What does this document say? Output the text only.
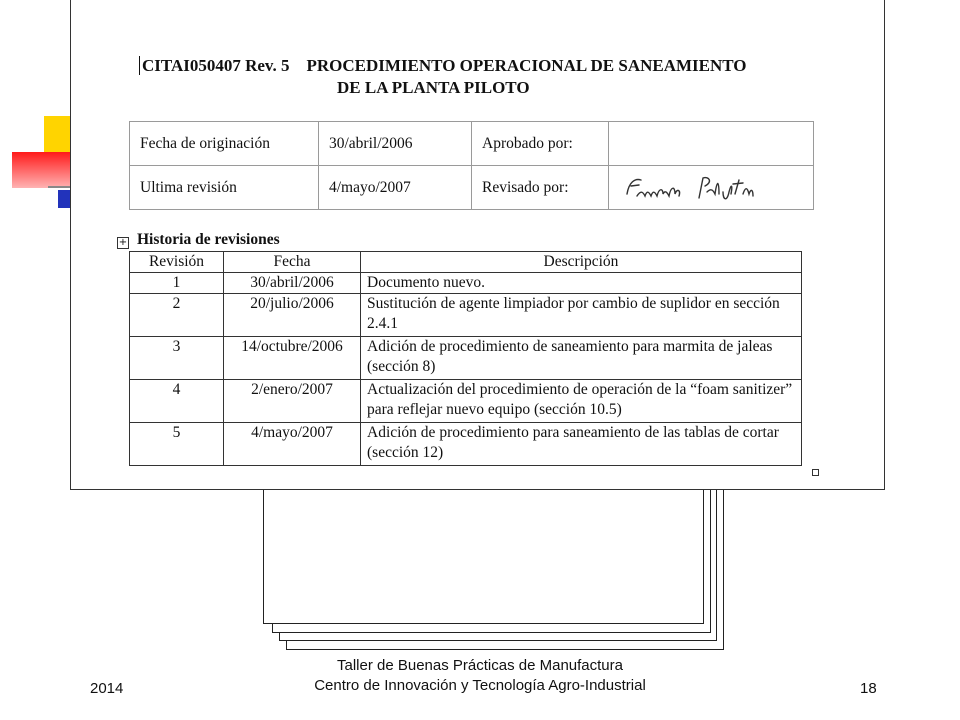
CITAI050407 Rev. 5 PROCEDIMIENTO OPERACIONAL DE SANEAMIENTO
DE LA PLANTA PILOTO
Fecha de originación	30/abril/2006	Aprobado por:	
Ultima revisión	4/mayo/2007	Revisado por:	
+ Historia de revisiones
Revisión	Fecha	Descripción
1	30/abril/2006	Documento nuevo.
2	20/julio/2006	Sustitución de agente limpiador por cambio de suplidor en sección 2.4.1
3	14/octubre/2006	Adición de procedimiento de saneamiento para marmita de jaleas (sección 8)
4	2/enero/2007	Actualización del procedimiento de operación de la “foam sanitizer” para reflejar nuevo equipo (sección 10.5)
5	4/mayo/2007	Adición de procedimiento para saneamiento de las tablas de cortar (sección 12)
2014
Taller de Buenas Prácticas de Manufactura
Centro de Innovación y Tecnología Agro-Industrial	18
